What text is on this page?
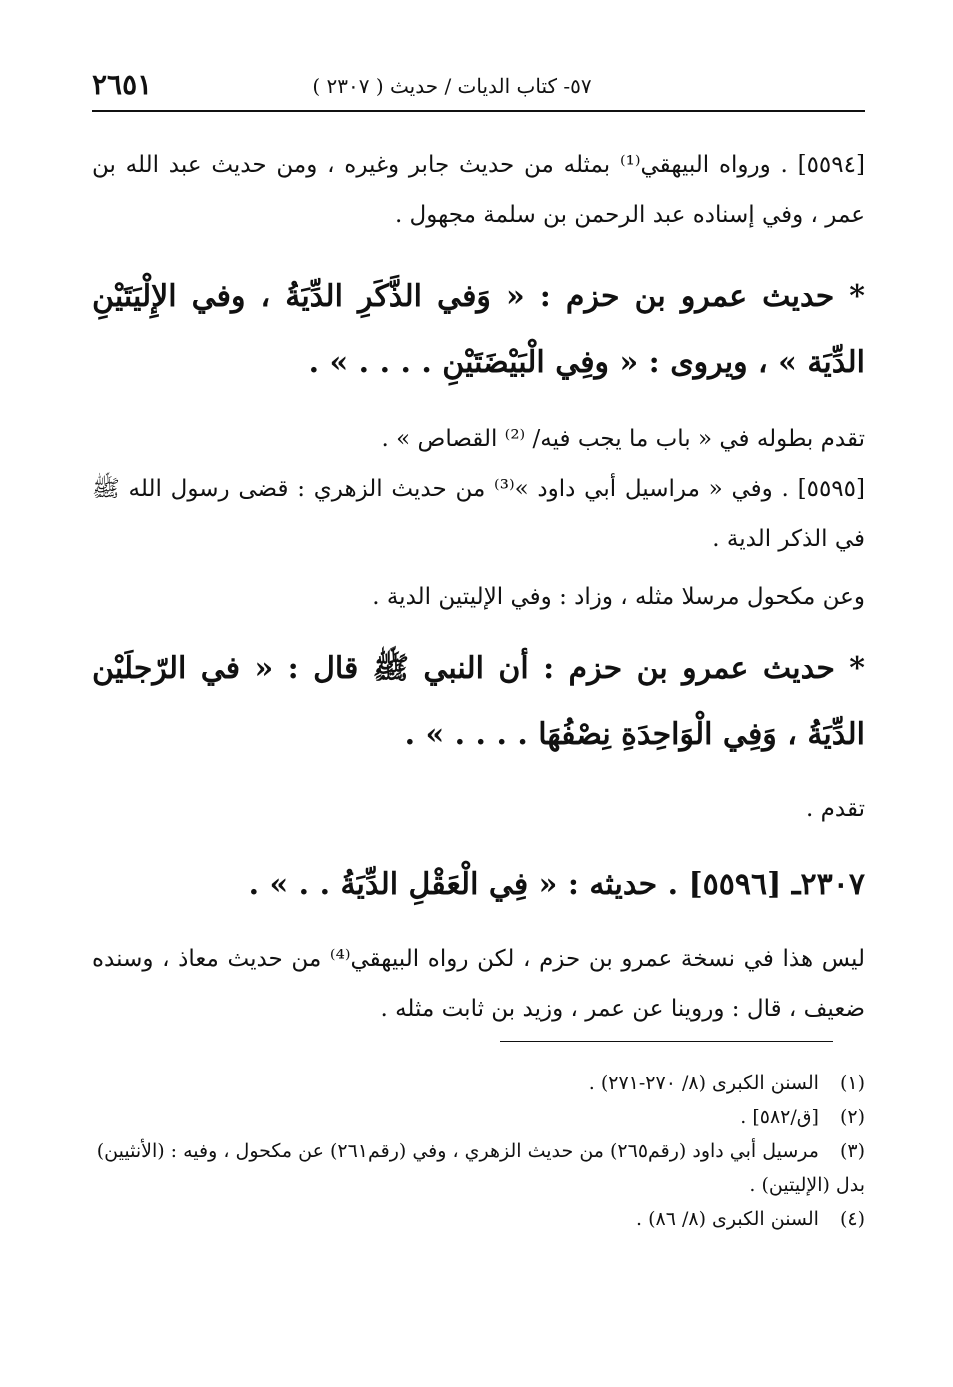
٥٧- كتاب الديات / حديث ( ٢٣٠٧ )
٢٦٥١
[٥٥٩٤] . ورواه البيهقي⁽¹⁾ بمثله من حديث جابر وغيره ، ومن حديث عبد الله بن عمر ، وفي إسناده عبد الرحمن بن سلمة مجهول .
* حديث عمرو بن حزم : « وَفي الذَّكَرِ الدِّيَةُ ، وفي الإِلْيَتَيْنِ الدِّيَة » ، ويروى : « وفِي الْبَيْضَتَيْنِ . . . . » .
تقدم بطوله في « باب ما يجب فيه/ ⁽²⁾ القصاص » .
[٥٥٩٥] . وفي « مراسيل أبي داود »⁽³⁾ من حديث الزهري : قضى رسول الله ﷺ في الذكر الدية .
وعن مكحول مرسلا مثله ، وزاد : وفي الإليتين الدية .
* حديث عمرو بن حزم : أن النبي ﷺ قال : « في الرّجلَيْن الدِّيَةُ ، وَفِي الْوَاحِدَةِ نِصْفُهَا . . . . » .
تقدم .
٢٣٠٧ـ [٥٥٩٦] . حديثه : « فِي الْعَقْلِ الدِّيَةُ . . » .
ليس هذا في نسخة عمرو بن حزم ، لكن رواه البيهقي⁽⁴⁾ من حديث معاذ ، وسنده ضعيف ، قال : وروينا عن عمر ، وزيد بن ثابت مثله .
(١) السنن الكبرى (٨/ ٢٧٠-٢٧١) .
(٢) [ق/٥٨٢] .
(٣) مرسيل أبي داود (رقم٢٦٥) من حديث الزهري ، وفي (رقم٢٦١) عن مكحول ، وفيه : (الأنثيين) بدل (الإليتين) .
(٤) السنن الكبرى (٨/ ٨٦) .
